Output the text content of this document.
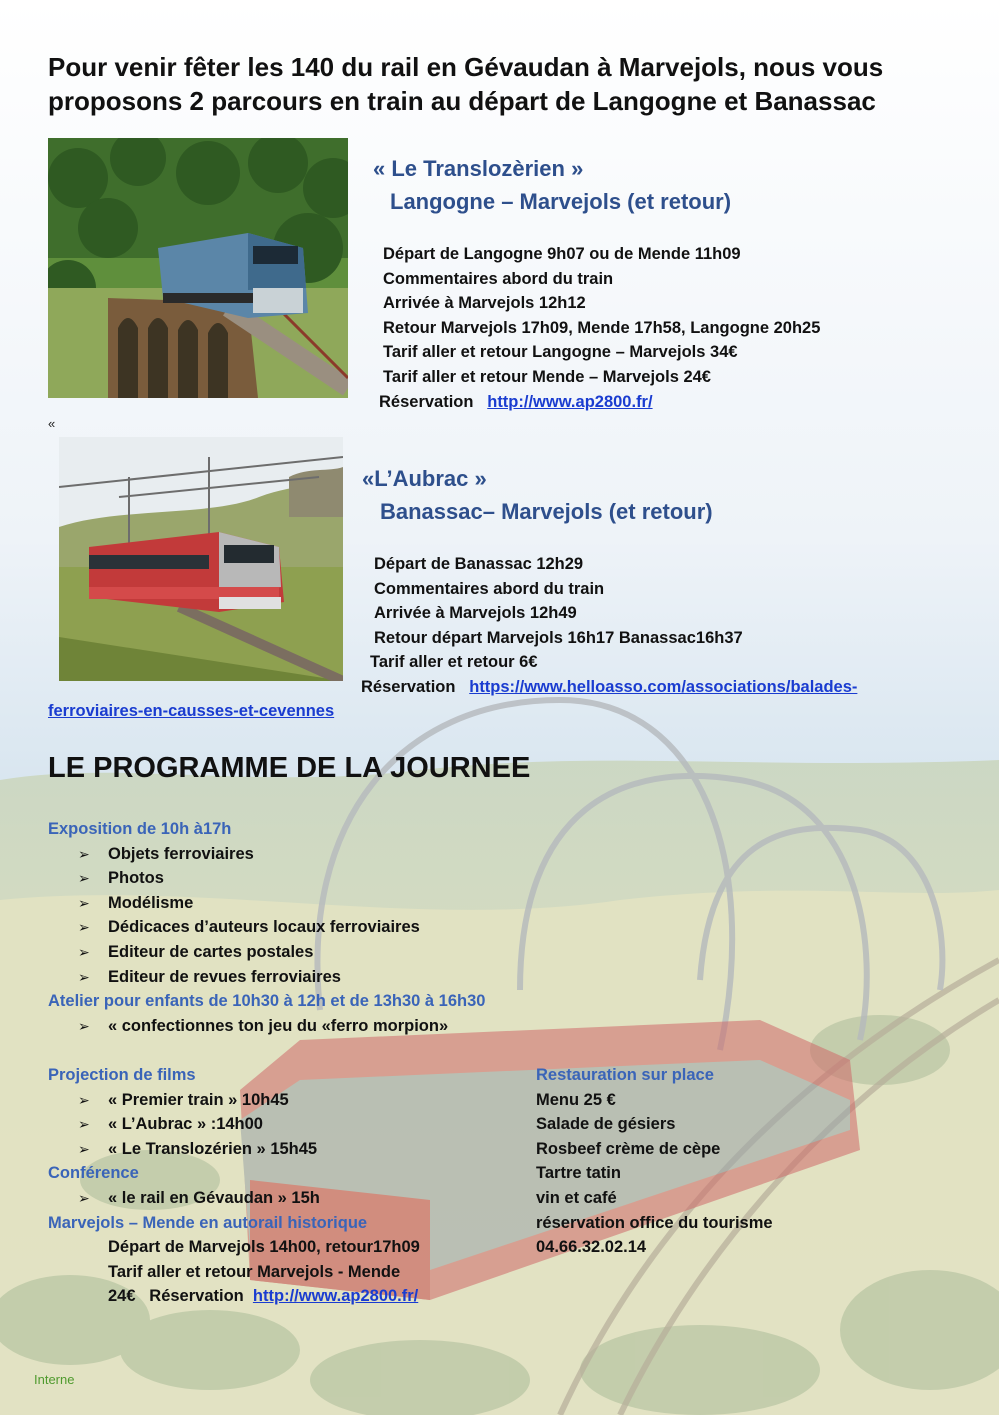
Pour venir fêter les 140 du rail en Gévaudan à Marvejols, nous vous
proposons 2 parcours en train au départ de Langogne et Banassac
« Le Translozèrien »
Langogne – Marvejols (et retour)
Départ de Langogne 9h07 ou de Mende 11h09
Commentaires abord du train
Arrivée à Marvejols 12h12
Retour Marvejols 17h09, Mende 17h58, Langogne 20h25
Tarif aller et retour Langogne – Marvejols 34€
Tarif aller et retour Mende – Marvejols 24€
Réservation http://www.ap2800.fr/
«
«L’Aubrac »
Banassac– Marvejols (et retour)
Départ de Banassac 12h29
Commentaires abord du train
Arrivée à Marvejols 12h49
Retour départ Marvejols 16h17 Banassac16h37
Tarif aller et retour 6€
Réservation https://www.helloasso.com/associations/balades-
ferroviaires-en-causses-et-cevennes
LE PROGRAMME DE LA JOURNEE
Exposition de 10h à17h
➢ Objets ferroviaires
➢ Photos
➢ Modélisme
➢ Dédicaces d’auteurs locaux ferroviaires
➢ Editeur de cartes postales
➢ Editeur de revues ferroviaires
Atelier pour enfants de 10h30 à 12h et de 13h30 à 16h30
➢ « confectionnes ton jeu du «ferro morpion»
Projection de films
➢ « Premier train » 10h45
➢ « L’Aubrac » :14h00
➢ « Le Translozérien » 15h45
Conférence
➢ « le rail en Gévaudan » 15h
Marvejols – Mende en autorail historique
Départ de Marvejols 14h00, retour17h09
Tarif aller et retour Marvejols - Mende
24€   Réservation http://www.ap2800.fr/
Restauration sur place
Menu 25 €
Salade de gésiers
Rosbeef crème de cèpe
Tartre tatin
vin et café
réservation office du tourisme
04.66.32.02.14
Interne
